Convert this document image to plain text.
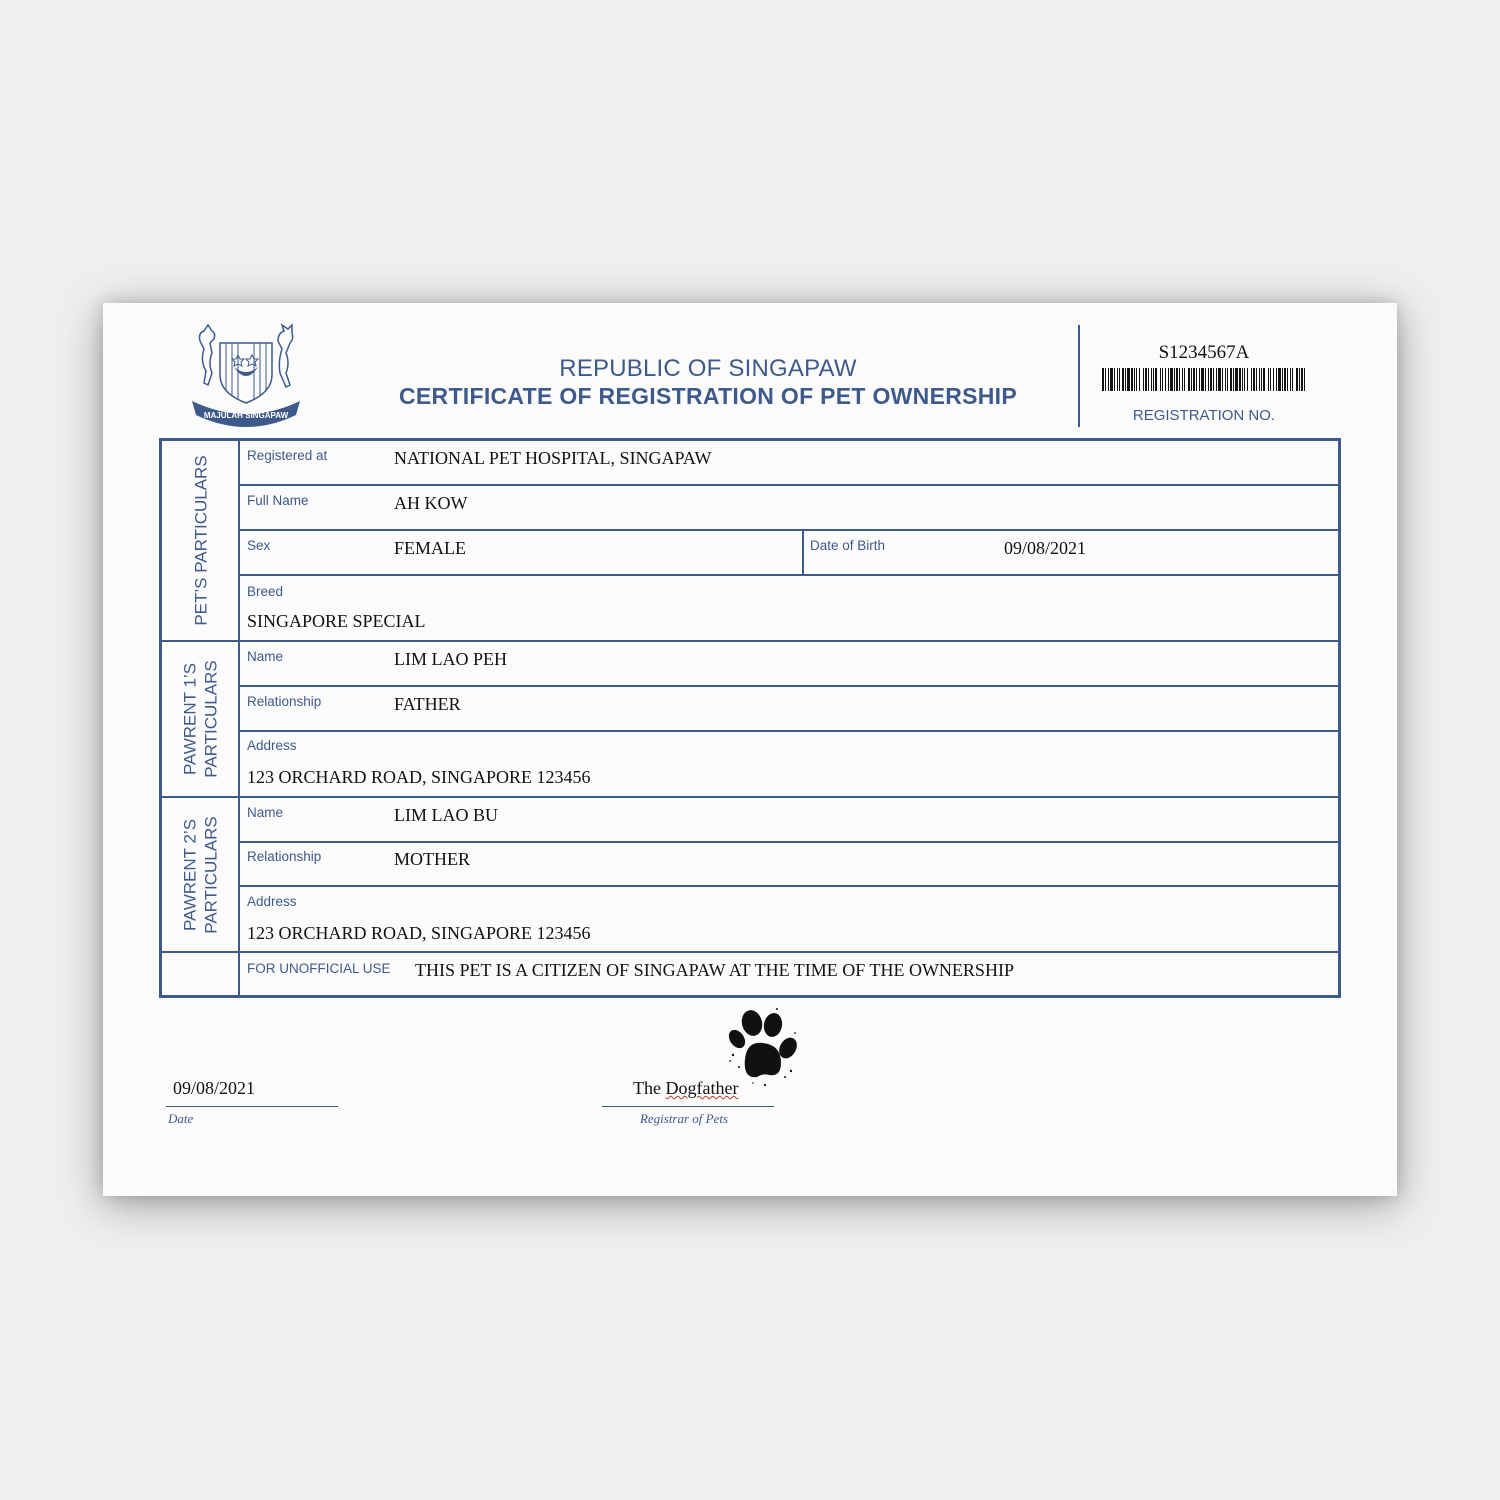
MAJULAH SINGAPAW
REPUBLIC OF SINGAPAW
CERTIFICATE OF REGISTRATION OF PET OWNERSHIP
S1234567A
REGISTRATION NO.
PET’S PARTICULARS
PAWRENT 1’S
PARTICULARS
PAWRENT 2’S
PARTICULARS
Registered at	NATIONAL PET HOSPITAL, SINGAPAW
Full Name	AH KOW
Sex	FEMALE	Date of Birth	09/08/2021
Breed
SINGAPORE SPECIAL
Name	LIM LAO PEH
Relationship	FATHER
Address
123 ORCHARD ROAD, SINGAPORE 123456
Name	LIM LAO BU
Relationship	MOTHER
Address
123 ORCHARD ROAD, SINGAPORE 123456
FOR UNOFFICIAL USE THIS PET IS A CITIZEN OF SINGAPAW AT THE TIME OF THE OWNERSHIP
09/08/2021
Date
The Dogfather
Registrar of Pets
